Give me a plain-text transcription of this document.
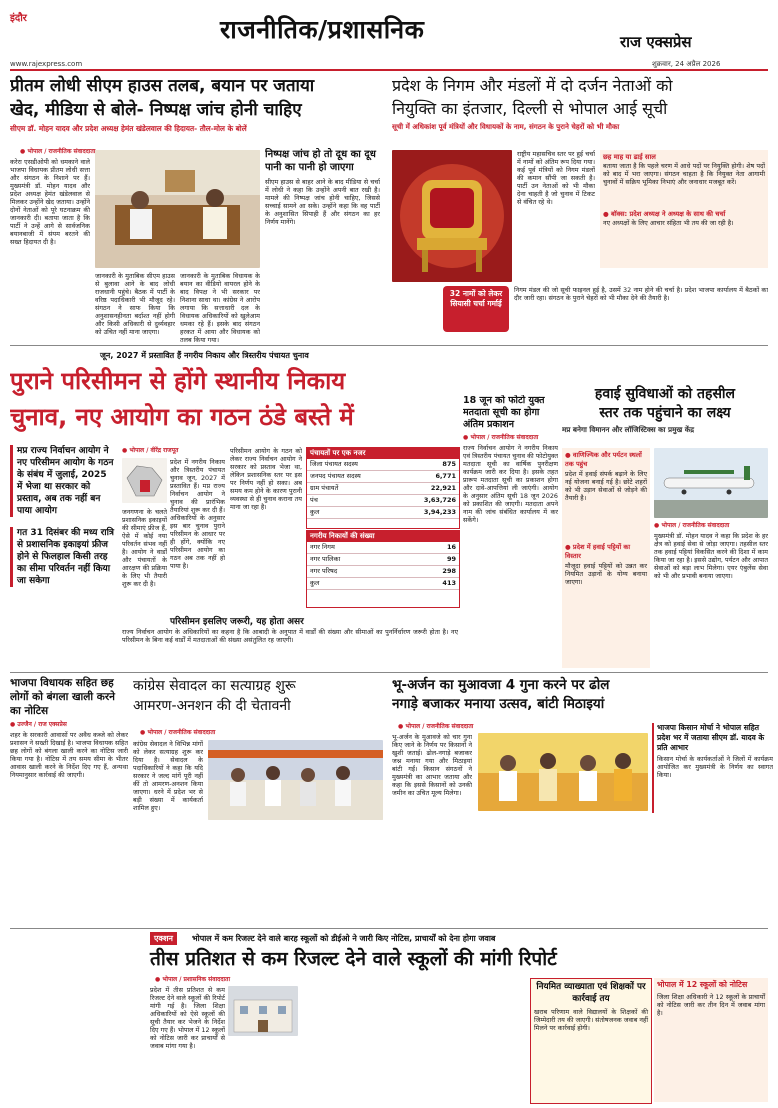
इंदौर	राजनीतिक/प्रशासनिक	राज एक्सप्रेस
www.rajexpress.com	शुक्रवार, 24 अप्रैल 2026
प्रीतम लोधी सीएम हाउस तलब, बयान पर जताया
खेद, मीडिया से बोले- निष्पक्ष जांच होनी चाहिए
सीएम डॉ. मोहन यादव और प्रदेश अध्यक्ष हेमंत खंडेलवाल की हिदायत- तौल-मोल के बोलें
● भोपाल / राजनीतिक संवाददाता
करेरा एसडीओपी को धमकाने वाले भाजपा विधायक प्रीतम लोधी सत्ता और संगठन के निशाने पर हैं। मुख्यमंत्री डॉ. मोहन यादव और प्रदेश अध्यक्ष हेमंत खंडेलवाल से मिलकर उन्होंने खेद जताया। उन्होंने दोनों नेताओं को पूरे घटनाक्रम की जानकारी दी। बताया जाता है कि पार्टी ने उन्हें आगे से सार्वजनिक बयानबाजी में संयम बरतने की सख्त हिदायत दी है।
जानकारी के मुताबिक सीएम हाउस से बुलावा आने के बाद लोधी राजधानी पहुंचे। बैठक में पार्टी के वरिष्ठ पदाधिकारी भी मौजूद रहे। संगठन ने साफ किया कि अनुशासनहीनता बर्दाश्त नहीं होगी और किसी अधिकारी से दुर्व्यवहार को उचित नहीं माना जाएगा।
जानकारी के मुताबिक विधायक के बयान का वीडियो वायरल होने के बाद विपक्ष ने भी सरकार पर निशाना साधा था। कांग्रेस ने आरोप लगाया कि सत्ताधारी दल के विधायक अधिकारियों को खुलेआम धमका रहे हैं। इसके बाद संगठन हरकत में आया और विधायक को तलब किया गया।
निष्पक्ष जांच हो तो दूध का दूध पानी का पानी हो जाएगा
सीएम हाउस से बाहर आने के बाद मीडिया से चर्चा में लोधी ने कहा कि उन्होंने अपनी बात रखी है। मामले की निष्पक्ष जांच होनी चाहिए, जिससे सच्चाई सामने आ सके। उन्होंने कहा कि वह पार्टी के अनुशासित सिपाही हैं और संगठन का हर निर्णय मानेंगे।
प्रदेश के निगम और मंडलों में दो दर्जन नेताओं को
नियुक्ति का इंतजार, दिल्ली से भोपाल आई सूची
सूची में अधिकांश पूर्व मंत्रियों और विधायकों के नाम, संगठन के पुराने चेहरों को भी मौका
राष्ट्रीय महासचिव स्तर पर हुई चर्चा में नामों को अंतिम रूप दिया गया। कई पूर्व मंत्रियों को निगम मंडलों की कमान सौंपी जा सकती है। पार्टी उन नेताओं को भी मौका देना चाहती है जो चुनाव में टिकट से वंचित रहे थे।
छह माह या ढाई साल
बताया जाता है कि पहले चरण में आधे पदों पर नियुक्ति होगी। शेष पदों को बाद में भरा जाएगा। संगठन चाहता है कि नियुक्त नेता आगामी चुनावों में सक्रिय भूमिका निभाएं और जनाधार मजबूत करें।
● बॉक्स: प्रदेश अध्यक्ष ने अध्यक्ष के साथ की चर्चा
नए अध्यक्षों के लिए आचार संहिता भी तय की जा रही है।
32 नामों को लेकर सियासी चर्चा गर्माई
निगम मंडल की जो सूची फाइनल हुई है, उसमें 32 नाम होने की चर्चा है। प्रदेश भाजपा कार्यालय में बैठकों का दौर जारी रहा। संगठन के पुराने चेहरों को भी मौका देने की तैयारी है।
जून, 2027 में प्रस्तावित हैं नगरीय निकाय और त्रिस्तरीय पंचायत चुनाव
पुराने परिसीमन से होंगे स्थानीय निकाय
चुनाव, नए आयोग का गठन ठंडे बस्ते में
मप्र राज्य निर्वाचन आयोग ने नए परिसीमन आयोग के गठन के संबंध में जुलाई, 2025 में भेजा था सरकार को प्रस्ताव, अब तक नहीं बन पाया आयोग
गत 31 दिसंबर की मध्य रात्रि से प्रशासनिक इकाइयां फ्रीज होने से फिलहाल किसी तरह का सीमा परिवर्तन नहीं किया जा सकेगा
● भोपाल / वीरेंद्र राजपूत
प्रदेश में नगरीय निकाय और त्रिस्तरीय पंचायत चुनाव जून, 2027 में प्रस्तावित हैं। मप्र राज्य निर्वाचन आयोग ने चुनाव की प्रारंभिक तैयारियां शुरू कर दी हैं। अधिकारियों के अनुसार इस बार चुनाव पुराने परिसीमन के आधार पर ही होंगे, क्योंकि नए परिसीमन आयोग का गठन अब तक नहीं हो पाया है।
जनगणना के चलते प्रशासनिक इकाइयों की सीमाएं फ्रीज हैं, ऐसे में कोई नया परिवर्तन संभव नहीं है। आयोग ने वार्डों और पंचायतों के आरक्षण की प्रक्रिया के लिए भी तैयारी शुरू कर दी है।
परिसीमन आयोग के गठन को लेकर राज्य निर्वाचन आयोग ने सरकार को प्रस्ताव भेजा था, लेकिन प्रशासनिक स्तर पर इस पर निर्णय नहीं हो सका। अब समय कम होने के कारण पुरानी व्यवस्था से ही चुनाव कराना तय माना जा रहा है।
पंचायतों पर एक नजर
जिला पंचायत सदस्य	875
जनपद पंचायत सदस्य	6,771
ग्राम पंचायतें	22,921
पंच	3,63,726
कुल	3,94,233
नगरीय निकायों की संख्या
नगर निगम	16
नगर पालिका	99
नगर परिषद	298
कुल	413
परिसीमन इसलिए जरूरी, यह होता असर
राज्य निर्वाचन आयोग के अधिकारियों का कहना है कि आबादी के अनुपात में वार्डों की संख्या और सीमाओं का पुनर्निर्धारण जरूरी होता है। नए परिसीमन के बिना कई वार्डों में मतदाताओं की संख्या असंतुलित रह जाएगी।
18 जून को फोटो युक्त मतदाता सूची का होगा अंतिम प्रकाशन
● भोपाल / राजनीतिक संवाददाता
राज्य निर्वाचन आयोग ने नगरीय निकाय एवं त्रिस्तरीय पंचायत चुनाव की फोटोयुक्त मतदाता सूची का वार्षिक पुनरीक्षण कार्यक्रम जारी कर दिया है। इसके तहत प्रारूप मतदाता सूची का प्रकाशन होगा और दावे-आपत्तियां ली जाएंगी। आयोग के अनुसार अंतिम सूची 18 जून 2026 को प्रकाशित की जाएगी। मतदाता अपने नाम की जांच संबंधित कार्यालय में कर सकेंगे।
हवाई सुविधाओं को तहसील
स्तर तक पहुंचाने का लक्ष्य
मप्र बनेगा विमानन और लॉजिस्टिक्स का प्रमुख केंद्र
● वाणिज्यिक और पर्यटन स्थलों तक पहुंच
प्रदेश में हवाई संपर्क बढ़ाने के लिए नई योजना बनाई गई है। छोटे शहरों को भी उड़ान सेवाओं से जोड़ने की तैयारी है।
● प्रदेश में हवाई पट्टियों का विस्तार
मौजूदा हवाई पट्टियों को उन्नत कर नियमित उड़ानों के योग्य बनाया जाएगा।
● भोपाल / राजनीतिक संवाददाता
मुख्यमंत्री डॉ. मोहन यादव ने कहा कि प्रदेश के हर क्षेत्र को हवाई सेवा से जोड़ा जाएगा। तहसील स्तर तक हवाई पट्टियां विकसित करने की दिशा में काम किया जा रहा है। इससे उद्योग, पर्यटन और आपात सेवाओं को बड़ा लाभ मिलेगा। एयर एंबुलेंस सेवा को भी और प्रभावी बनाया जाएगा।
भाजपा विधायक सहित छह लोगों को बंगला खाली करने का नोटिस
● उज्जैन / राज एक्सप्रेस
शहर के सरकारी आवासों पर अवैध कब्जे को लेकर प्रशासन ने सख्ती दिखाई है। भाजपा विधायक सहित छह लोगों को बंगला खाली करने का नोटिस जारी किया गया है। नोटिस में तय समय सीमा के भीतर आवास खाली करने के निर्देश दिए गए हैं, अन्यथा नियमानुसार कार्रवाई की जाएगी।
कांग्रेस सेवादल का सत्याग्रह शुरू
आमरण-अनशन की दी चेतावनी
● भोपाल / राजनीतिक संवाददाता
कांग्रेस सेवादल ने विभिन्न मांगों को लेकर सत्याग्रह शुरू कर दिया है। सेवादल के पदाधिकारियों ने कहा कि यदि सरकार ने जल्द मांगें पूरी नहीं कीं तो आमरण-अनशन किया जाएगा। धरने में प्रदेश भर से बड़ी संख्या में कार्यकर्ता शामिल हुए।
भू-अर्जन का मुआवजा 4 गुना करने पर ढोल
नगाड़े बजाकर मनाया उत्सव, बांटी मिठाइयां
● भोपाल / राजनीतिक संवाददाता
भू-अर्जन के मुआवजे को चार गुना किए जाने के निर्णय पर किसानों ने खुशी जताई। ढोल-नगाड़े बजाकर जश्न मनाया गया और मिठाइयां बांटी गईं। किसान संगठनों ने मुख्यमंत्री का आभार जताया और कहा कि इससे किसानों को उनकी जमीन का उचित मूल्य मिलेगा।
भाजपा किसान मोर्चा ने भोपाल सहित प्रदेश भर में जताया सीएम डॉ. यादव के प्रति आभार
किसान मोर्चा के कार्यकर्ताओं ने जिलों में कार्यक्रम आयोजित कर मुख्यमंत्री के निर्णय का स्वागत किया।
एक्शन	भोपाल में कम रिजल्ट देने वाले बारह स्कूलों को डीईओ ने जारी किए नोटिस, प्राचार्यों को देना होगा जवाब
तीस प्रतिशत से कम रिजल्ट देने वाले स्कूलों की मांगी रिपोर्ट
● भोपाल / प्रशासनिक संवाददाता
प्रदेश में तीस प्रतिशत से कम रिजल्ट देने वाले स्कूलों की रिपोर्ट मांगी गई है। जिला शिक्षा अधिकारियों को ऐसे स्कूलों की सूची तैयार कर भेजने के निर्देश दिए गए हैं। भोपाल में 12 स्कूलों को नोटिस जारी कर प्राचार्यों से जवाब मांगा गया है।
नियमित व्याख्याता एवं शिक्षकों पर कार्रवाई तय
खराब परिणाम वाले विद्यालयों के शिक्षकों की जिम्मेदारी तय की जाएगी। संतोषजनक जवाब नहीं मिलने पर कार्रवाई होगी।
भोपाल में 12 स्कूलों को नोटिस
जिला शिक्षा अधिकारी ने 12 स्कूलों के प्राचार्यों को नोटिस जारी कर तीन दिन में जवाब मांगा है।
